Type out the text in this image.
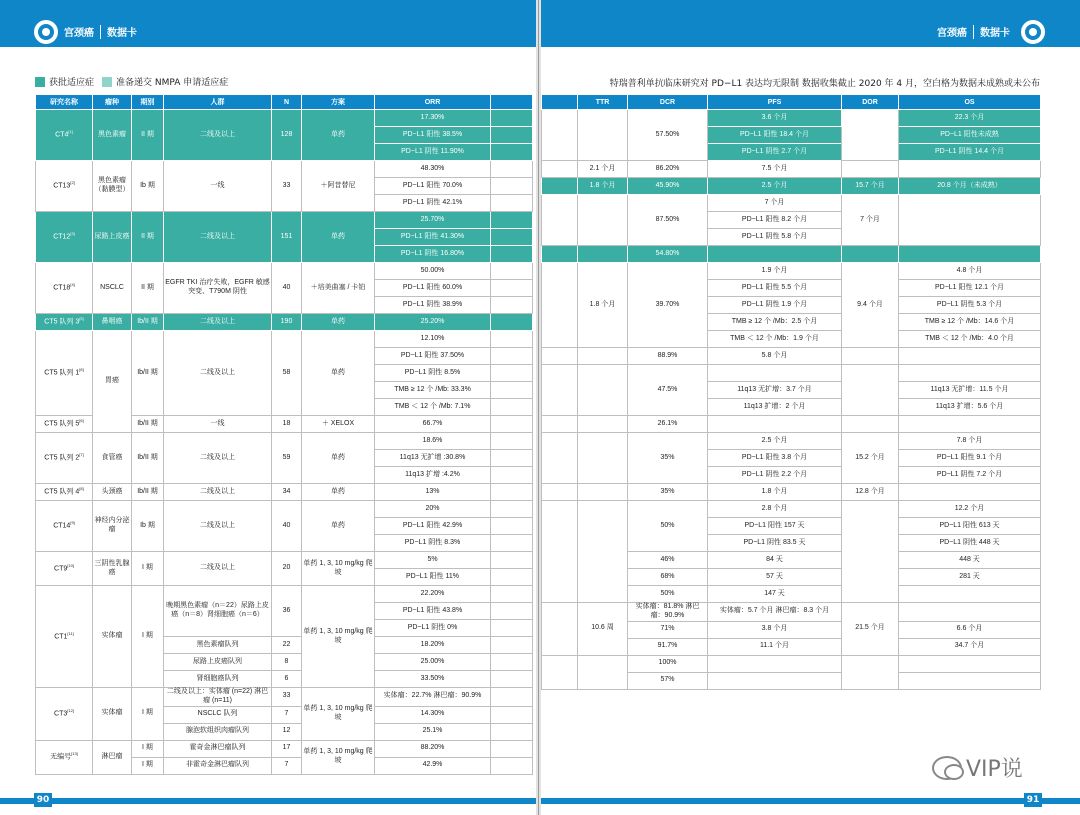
宫颈癌 数据卡	宫颈癌 数据卡
获批适应症 准备递交 NMPA 申请适应症	特瑞普利单抗临床研究对 PD−L1 表达均无限制 数据收集截止 2020 年 4 月，空白格为数据未成熟或未公布
研究名称	瘤种	期别	人群	N	方案	ORR	
CT4[1]	黑色素瘤	II 期	二线及以上	128	单药	17.30%	
						PD−L1 阳性 38.5%	
						PD−L1 阴性 11.90%	
CT13[2]	黑色素瘤（黏膜型）	Ib 期	一线	33	＋阿昔替尼	48.30%	
						PD−L1 阳性 70.0%	
						PD−L1 阴性 42.1%	
CT12[3]	尿路上皮癌	II 期	二线及以上	151	单药	25.70%	
						PD−L1 阳性 41.30%	
						PD−L1 阴性 16.80%	
CT18[4]	NSCLC	II 期	EGFR TKI 治疗失败，EGFR 敏感突变、T790M 阴性	40	＋培美曲塞 / 卡铂	50.00%	
						PD−L1 阳性 60.0%	
						PD−L1 阴性 38.9%	
CT5 队列 3[5]	鼻咽癌	Ib/II 期	二线及以上	190	单药	25.20%	
CT5 队列 1[6]	胃癌	Ib/II 期	二线及以上	58	单药	12.10%	
						PD−L1 阳性 37.50%	
						PD−L1 阴性 8.5%	
						TMB ≥ 12 个 /Mb: 33.3%	
						TMB ＜ 12 个 /Mb: 7.1%	
CT5 队列 5[6]		Ib/II 期	一线	18	＋ XELOX	66.7%	
CT5 队列 2[7]	食管癌	Ib/II 期	二线及以上	59	单药	18.6%	
						11q13 无扩增 :30.8%	
						11q13 扩增 :4.2%	
CT5 队列 4[8]	头颈癌	Ib/II 期	二线及以上	34	单药	13%	
CT14[9]	神经内分泌瘤	Ib 期	二线及以上	40	单药	20%	
						PD−L1 阳性 42.9%	
						PD−L1 阴性 8.3%	
CT9[10]	三阴性乳腺癌	I 期	二线及以上	20	单药 1, 3, 10 mg/kg 爬坡	5%	
						PD−L1 阳性 11%	
CT1[11]	实体瘤	I 期	晚期黑色素瘤（n＝22）尿路上皮癌（n＝8）肾细胞癌（n＝6）	36	单药 1, 3, 10 mg/kg 爬坡	22.20%	
						PD−L1 阳性 43.8%	
						PD−L1 阴性 0%	
			黑色素瘤队列	22		18.20%	
			尿路上皮癌队列	8		25.00%	
			肾细胞癌队列	6		33.50%	
CT3[12]	实体瘤	I 期	二线及以上：实体瘤 (n=22) 淋巴瘤 (n=11)	33	单药 1, 3, 10 mg/kg 爬坡	实体瘤：22.7% 淋巴瘤：90.9%	
			NSCLC 队列	7		14.30%	
			腺泡软组织肉瘤队列	12		25.1%	
无编号[13]	淋巴瘤	I 期	霍奇金淋巴瘤队列	17	单药 1, 3, 10 mg/kg 爬坡	88.20%	
		I 期	非霍奇金淋巴瘤队列	7		42.9%	
	TTR	DCR	PFS	DOR	OS
		57.50%	3.6 个月		22.3 个月
			PD−L1 阳性 18.4 个月		PD−L1 阳性未成熟
			PD−L1 阴性 2.7 个月		PD−L1 阴性 14.4 个月
	2.1 个月	86.20%	7.5 个月		

	1.8 个月	45.90%	2.5 个月	15.7 个月	20.8 个月（未成熟）

		87.50%	7 个月	7 个月	
			PD−L1 阳性 8.2 个月		
			PD−L1 阴性 5.8 个月		
		54.80%			
	1.8 个月	39.70%	1.9 个月	9.4 个月	4.8 个月
			PD−L1 阳性 5.5 个月		PD−L1 阳性 12.1 个月
			PD−L1 阴性 1.9 个月		PD−L1 阴性 5.3 个月
			TMB ≥ 12 个 /Mb：2.5 个月		TMB ≥ 12 个 /Mb：14.6 个月
			TMB ＜ 12 个 /Mb：1.9 个月		TMB ＜ 12 个 /Mb：4.0 个月
		88.9%	5.8 个月		
		47.5%			
			11q13 无扩增：3.7 个月		11q13 无扩增：11.5 个月
			11q13 扩增：2 个月		11q13 扩增：5.6 个月
		26.1%			
		35%	2.5 个月	15.2 个月	7.8 个月
			PD−L1 阳性 3.8 个月		PD−L1 阳性 9.1 个月
			PD−L1 阴性 2.2 个月		PD−L1 阴性 7.2 个月
		35%	1.8 个月	12.8 个月	

		50%	2.8 个月		12.2 个月
			PD−L1 阳性 157 天		PD−L1 阳性 613 天
			PD−L1 阴性 83.5 天		PD−L1 阴性 448 天
		46%	84 天		448 天
		68%	57 天		281 天
		50%	147 天		
	10.6 周	实体瘤：81.8% 淋巴瘤：90.9%	实体瘤：5.7 个月 淋巴瘤：8.3 个月	21.5 个月	
		71%	3.8 个月		6.6 个月
		91.7%	11.1 个月		34.7 个月
		100%			
		57%			
90	91
VIP说
